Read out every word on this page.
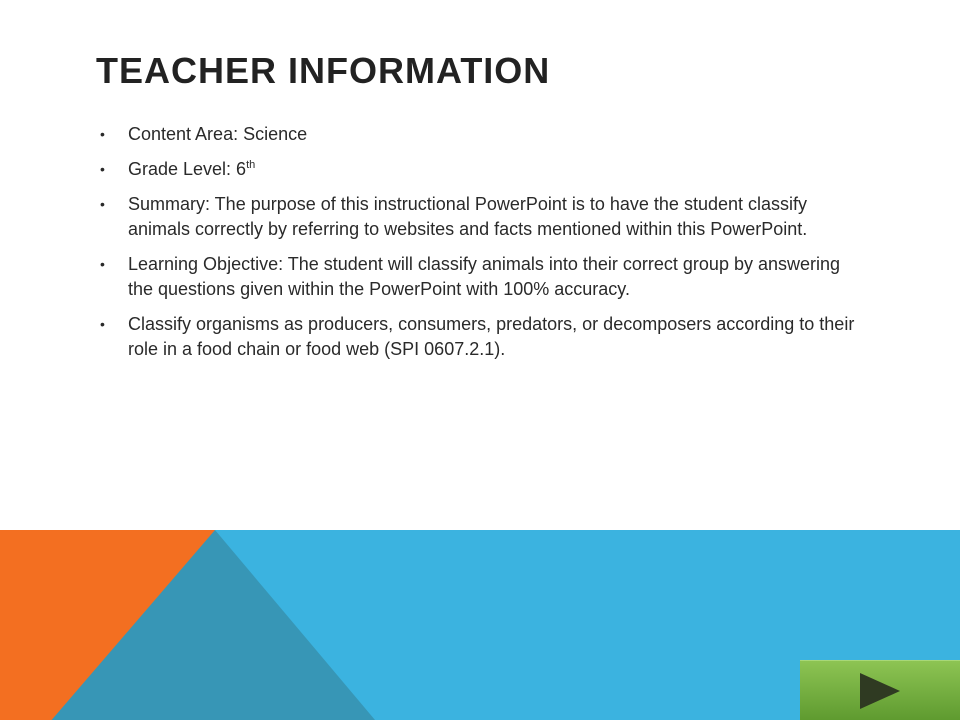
TEACHER INFORMATION
• Content Area: Science
• Grade Level: 6th
• Summary: The purpose of this instructional PowerPoint is to have the student classify animals correctly by referring to websites and facts mentioned within this PowerPoint.
• Learning Objective: The student will classify animals into their correct group by answering the questions given within the PowerPoint with 100% accuracy.
• Classify organisms as producers, consumers, predators, or decomposers according to their role in a food chain or food web (SPI 0607.2.1).
